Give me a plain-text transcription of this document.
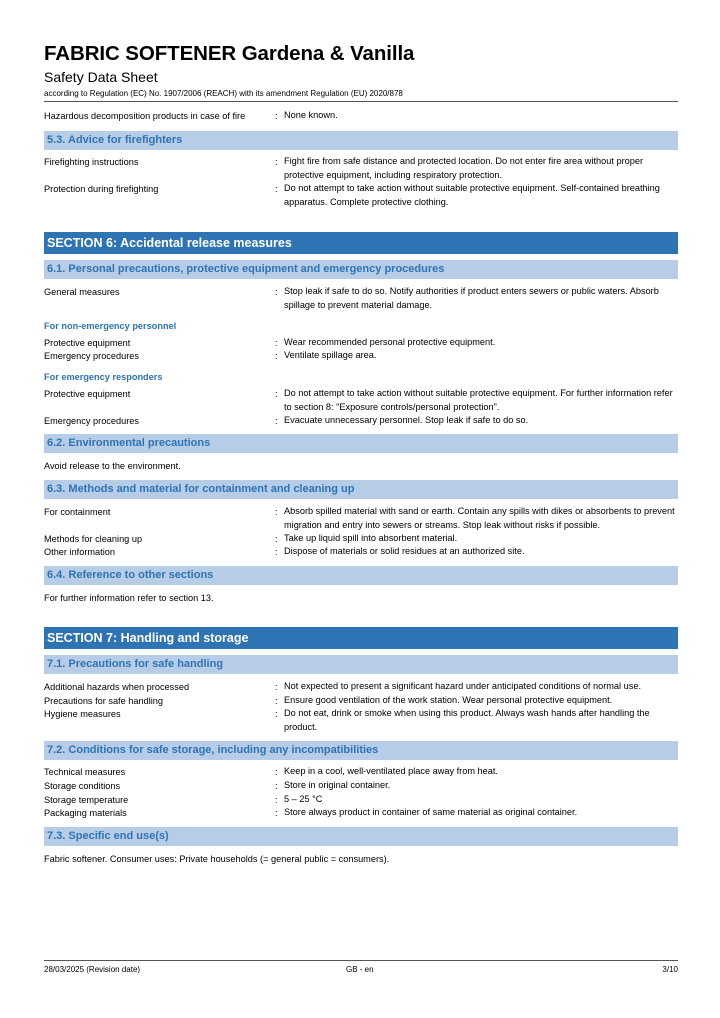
FABRIC SOFTENER Gardena & Vanilla
Safety Data Sheet
according to Regulation (EC) No. 1907/2006 (REACH) with its amendment Regulation (EU) 2020/878
Hazardous decomposition products in case of fire	: None known.
5.3. Advice for firefighters
Firefighting instructions	: Fight fire from safe distance and protected location. Do not enter fire area without proper protective equipment, including respiratory protection.
Protection during firefighting	: Do not attempt to take action without suitable protective equipment. Self-contained breathing apparatus. Complete protective clothing.
SECTION 6: Accidental release measures
6.1. Personal precautions, protective equipment and emergency procedures
General measures	: Stop leak if safe to do so. Notify authorities if product enters sewers or public waters. Absorb spillage to prevent material damage.
For non-emergency personnel
Protective equipment	: Wear recommended personal protective equipment.
Emergency procedures	: Ventilate spillage area.
For emergency responders
Protective equipment	: Do not attempt to take action without suitable protective equipment. For further information refer to section 8: "Exposure controls/personal protection".
Emergency procedures	: Evacuate unnecessary personnel. Stop leak if safe to do so.
6.2. Environmental precautions
Avoid release to the environment.
6.3. Methods and material for containment and cleaning up
For containment	: Absorb spilled material with sand or earth. Contain any spills with dikes or absorbents to prevent migration and entry into sewers or streams. Stop leak without risks if possible.
Methods for cleaning up	: Take up liquid spill into absorbent material.
Other information	: Dispose of materials or solid residues at an authorized site.
6.4. Reference to other sections
For further information refer to section 13.
SECTION 7: Handling and storage
7.1. Precautions for safe handling
Additional hazards when processed	: Not expected to present a significant hazard under anticipated conditions of normal use.
Precautions for safe handling	: Ensure good ventilation of the work station. Wear personal protective equipment.
Hygiene measures	: Do not eat, drink or smoke when using this product. Always wash hands after handling the product.
7.2. Conditions for safe storage, including any incompatibilities
Technical measures	: Keep in a cool, well-ventilated place away from heat.
Storage conditions	: Store in original container.
Storage temperature	: 5 – 25 °C
Packaging materials	: Store always product in container of same material as original container.
7.3. Specific end use(s)
Fabric softener. Consumer uses: Private households (= general public = consumers).
28/03/2025 (Revision date)	GB - en	3/10
